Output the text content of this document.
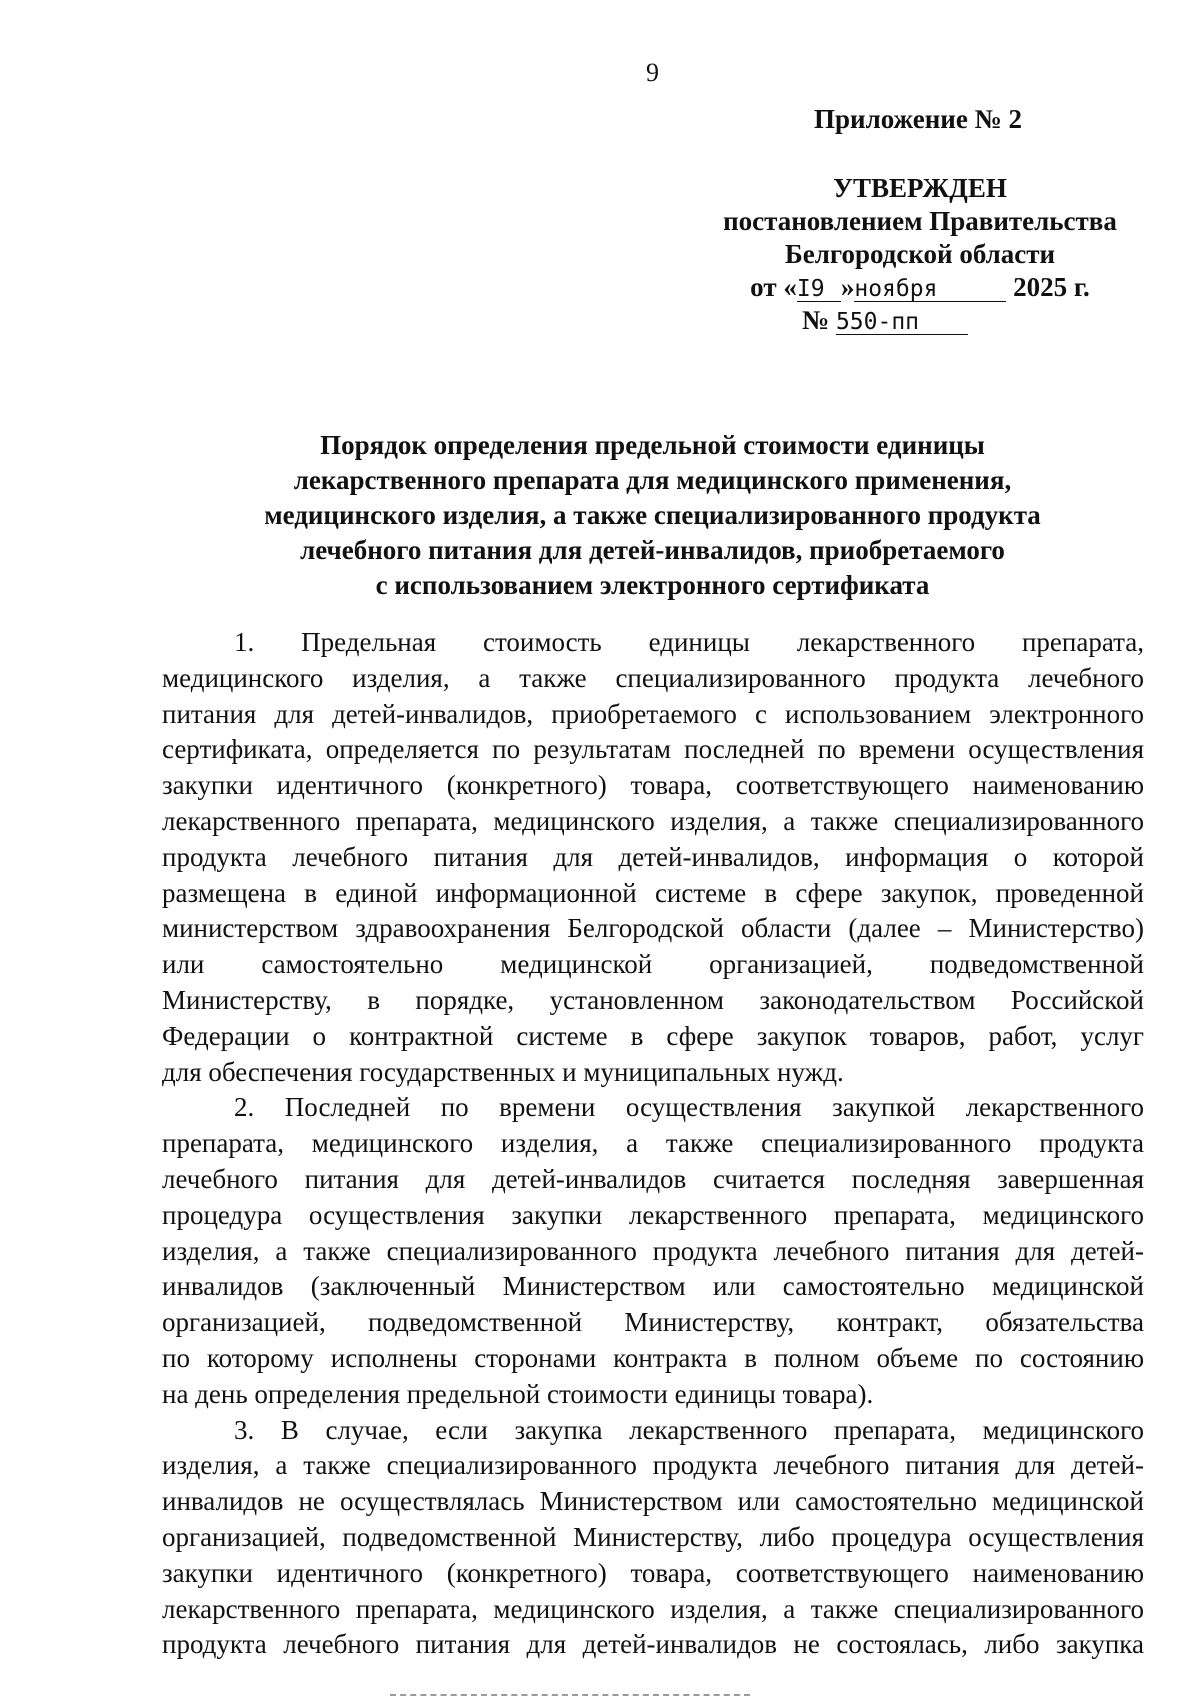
9
Приложение № 2
УТВЕРЖДЕН
постановлением Правительства
Белгородской области
от «I9 »ноября	2025 г.
№ 550-пп
Порядок определения предельной стоимости единицы
лекарственного препарата для медицинского применения,
медицинского изделия, а также специализированного продукта
лечебного питания для детей-инвалидов, приобретаемого
с использованием электронного сертификата
1. Предельная стоимость единицы лекарственного препарата,
медицинского изделия, а также специализированного продукта лечебного
питания для детей-инвалидов, приобретаемого с использованием электронного
сертификата, определяется по результатам последней по времени осуществления
закупки идентичного (конкретного) товара, соответствующего наименованию
лекарственного препарата, медицинского изделия, а также специализированного
продукта лечебного питания для детей-инвалидов, информация о которой
размещена в единой информационной системе в сфере закупок, проведенной
министерством здравоохранения Белгородской области (далее – Министерство)
или самостоятельно медицинской организацией, подведомственной
Министерству, в порядке, установленном законодательством Российской
Федерации о контрактной системе в сфере закупок товаров, работ, услуг
для обеспечения государственных и муниципальных нужд.
2. Последней по времени осуществления закупкой лекарственного
препарата, медицинского изделия, а также специализированного продукта
лечебного питания для детей-инвалидов считается последняя завершенная
процедура осуществления закупки лекарственного препарата, медицинского
изделия, а также специализированного продукта лечебного питания для детей-
инвалидов (заключенный Министерством или самостоятельно медицинской
организацией, подведомственной Министерству, контракт, обязательства
по которому исполнены сторонами контракта в полном объеме по состоянию
на день определения предельной стоимости единицы товара).
3. В случае, если закупка лекарственного препарата, медицинского
изделия, а также специализированного продукта лечебного питания для детей-
инвалидов не осуществлялась Министерством или самостоятельно медицинской
организацией, подведомственной Министерству, либо процедура осуществления
закупки идентичного (конкретного) товара, соответствующего наименованию
лекарственного препарата, медицинского изделия, а также специализированного
продукта лечебного питания для детей-инвалидов не состоялась, либо закупка
